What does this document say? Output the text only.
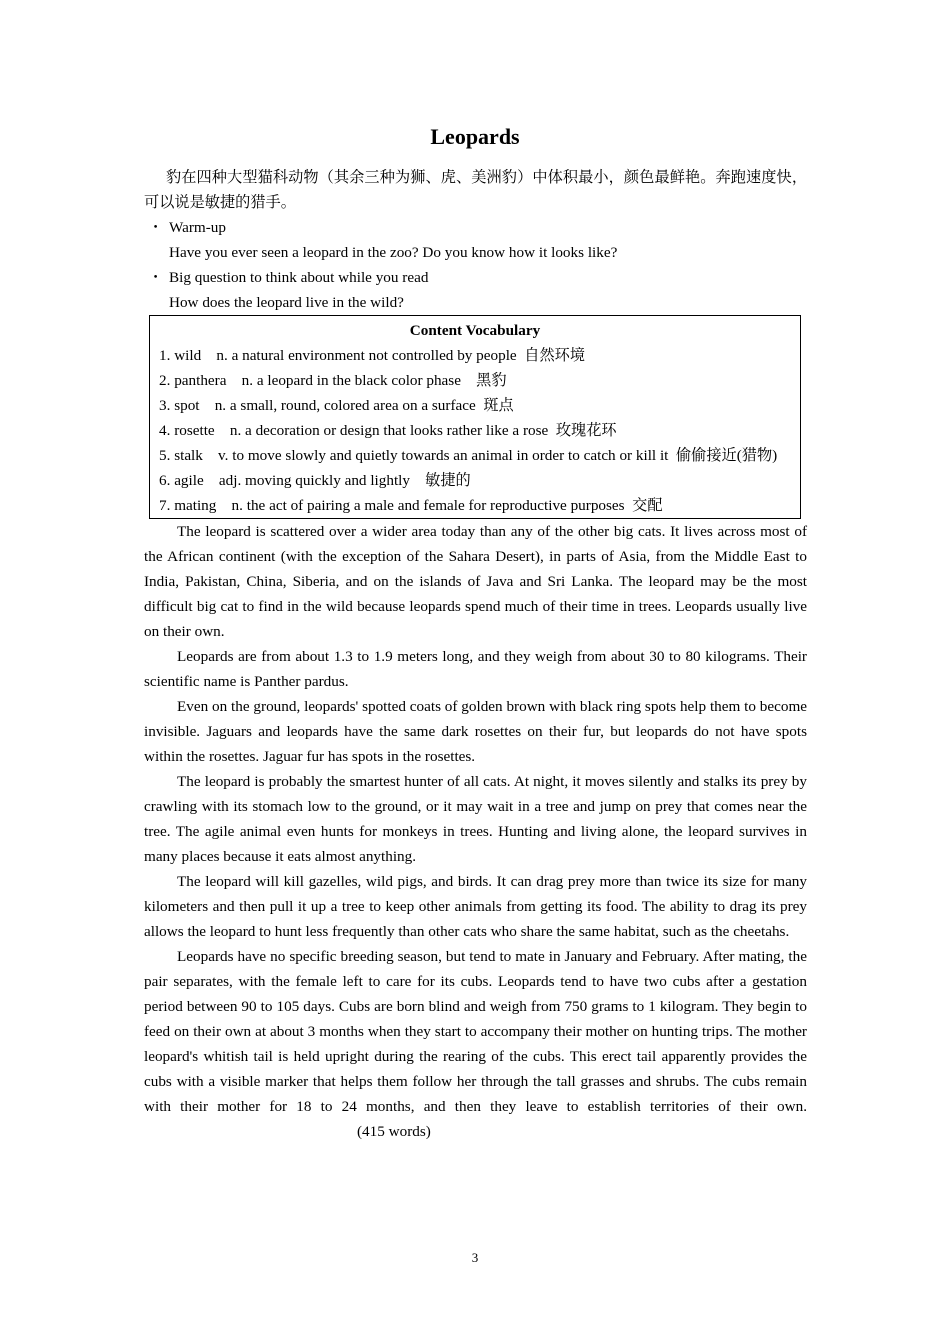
Leopards

豹在四种大型猫科动物（其余三种为狮、虎、美洲豹）中体积最小，颜色最鲜艳。奔跑速度快，可以说是敏捷的猎手。

・ Warm-up

Have you ever seen a leopard in the zoo? Do you know how it looks like?

・ Big question to think about while you read

How does the leopard live in the wild?

Content Vocabulary

1. wild    n. a natural environment not controlled by people  自然环境

2. panthera    n. a leopard in the black color phase    黑豹

3. spot    n. a small, round, colored area on a surface  斑点

4. rosette    n. a decoration or design that looks rather like a rose  玫瑰花环

5. stalk    v. to move slowly and quietly towards an animal in order to catch or kill it  偷偷接近(猎物)

6. agile    adj. moving quickly and lightly    敏捷的

7. mating    n. the act of pairing a male and female for reproductive purposes  交配

The leopard is scattered over a wider area today than any of the other big cats. It lives across most of the African continent (with the exception of the Sahara Desert), in parts of Asia, from the Middle East to India, Pakistan, China, Siberia, and on the islands of Java and Sri Lanka. The leopard may be the most difficult big cat to find in the wild because leopards spend much of their time in trees. Leopards usually live on their own.

Leopards are from about 1.3 to 1.9 meters long, and they weigh from about 30 to 80 kilograms. Their scientific name is Panther pardus.

Even on the ground, leopards' spotted coats of golden brown with black ring spots help them to become invisible. Jaguars and leopards have the same dark rosettes on their fur, but leopards do not have spots within the rosettes. Jaguar fur has spots in the rosettes.

The leopard is probably the smartest hunter of all cats. At night, it moves silently and stalks its prey by crawling with its stomach low to the ground, or it may wait in a tree and jump on prey that comes near the tree. The agile animal even hunts for monkeys in trees. Hunting and living alone, the leopard survives in many places because it eats almost anything.

The leopard will kill gazelles, wild pigs, and birds. It can drag prey more than twice its size for many kilometers and then pull it up a tree to keep other animals from getting its food. The ability to drag its prey allows the leopard to hunt less frequently than other cats who share the same habitat, such as the cheetahs.

Leopards have no specific breeding season, but tend to mate in January and February. After mating, the pair separates, with the female left to care for its cubs. Leopards tend to have two cubs after a gestation period between 90 to 105 days. Cubs are born blind and weigh from 750 grams to 1 kilogram. They begin to feed on their own at about 3 months when they start to accompany their mother on hunting trips. The mother leopard's whitish tail is held upright during the rearing of the cubs. This erect tail apparently provides the cubs with a visible marker that helps them follow her through the tall grasses and shrubs. The cubs remain with their mother for 18 to 24 months, and then they leave to establish territories of their own.(415 words)

3
